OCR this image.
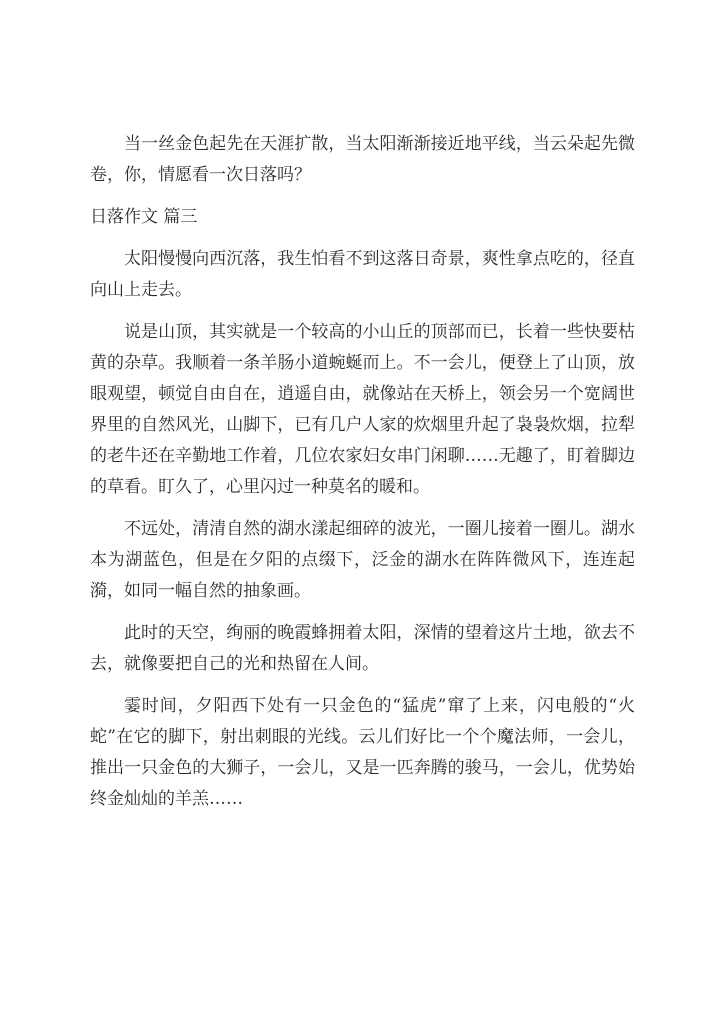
当一丝金色起先在天涯扩散，当太阳渐渐接近地平线，当云朵起先微卷，你，情愿看一次日落吗？

日落作文 篇三

太阳慢慢向西沉落，我生怕看不到这落日奇景，爽性拿点吃的，径直向山上走去。

说是山顶，其实就是一个较高的小山丘的顶部而已，长着一些快要枯黄的杂草。我顺着一条羊肠小道蜿蜒而上。不一会儿，便登上了山顶，放眼观望，顿觉自由自在，逍遥自由，就像站在天桥上，领会另一个宽阔世界里的自然风光，山脚下，已有几户人家的炊烟里升起了袅袅炊烟，拉犁的老牛还在辛勤地工作着，几位农家妇女串门闲聊……无趣了，盯着脚边的草看。盯久了，心里闪过一种莫名的暖和。

不远处，清清自然的湖水漾起细碎的波光，一圈儿接着一圈儿。湖水本为湖蓝色，但是在夕阳的点缀下，泛金的湖水在阵阵微风下，连连起漪，如同一幅自然的抽象画。

此时的天空，绚丽的晚霞蜂拥着太阳，深情的望着这片土地，欲去不去，就像要把自己的光和热留在人间。

霎时间，夕阳西下处有一只金色的“猛虎”窜了上来，闪电般的“火蛇”在它的脚下，射出刺眼的光线。云儿们好比一个个魔法师，一会儿，推出一只金色的大狮子，一会儿，又是一匹奔腾的骏马，一会儿，优势始终金灿灿的羊羔……
